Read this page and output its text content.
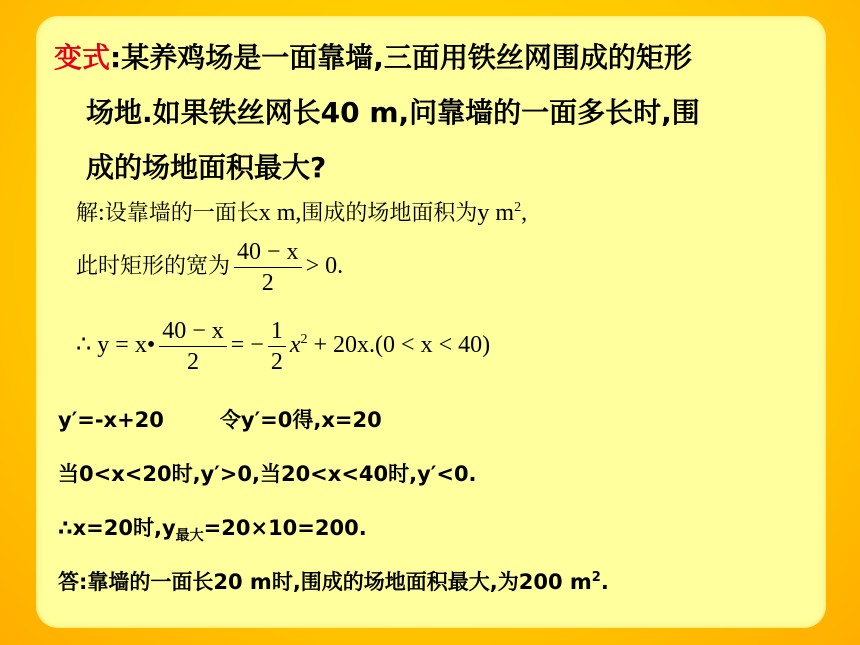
变式:某养鸡场是一面靠墙,三面用铁丝网围成的矩形
场地.如果铁丝网长40 m,问靠墙的一面多长时,围
成的场地面积最大?
解:设靠墙的一面长x m,围成的场地面积为y $m^2$,
此时矩形的宽为 $\frac{40 - x}{2} > 0$.
∴ y = x• $\frac{40 - x}{2}$ = − $\frac{1}{2} x^2 + 20x.(0 < x < 40)$
y′=-x+20	令y′=0得,x=20
当0<x<20时,y′>0,当20<x<40时,y′<0.
∴x=20时$,y_{最大}=20\times 10=200$.
答:靠墙的一面长20 m时,围成的场地面积最大,为200 $m^2$.
